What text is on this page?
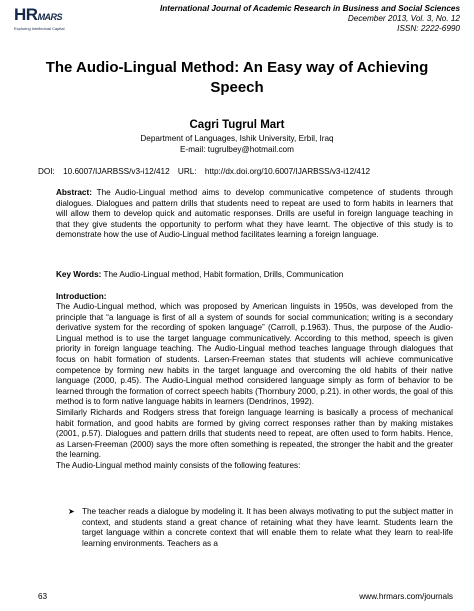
HRMARS
Exploring Intellectual Capital
International Journal of Academic Research in Business and Social Sciences
December 2013, Vol. 3, No. 12
ISSN: 2222-6990
The Audio-Lingual Method: An Easy way of Achieving Speech
Cagri Tugrul Mart
Department of Languages, Ishik University, Erbil, Iraq
E-mail: tugrulbey@hotmail.com
DOI: 10.6007/IJARBSS/v3-i12/412 URL: http://dx.doi.org/10.6007/IJARBSS/v3-i12/412
Abstract: The Audio-Lingual method aims to develop communicative competence of students through dialogues. Dialogues and pattern drills that students need to repeat are used to form habits in learners that will allow them to develop quick and automatic responses. Drills are useful in foreign language teaching in that they give students the opportunity to perform what they have learnt. The objective of this study is to demonstrate how the use of Audio-Lingual method facilitates learning a foreign language.
Key Words: The Audio-Lingual method, Habit formation, Drills, Communication
Introduction:
The Audio-Lingual method, which was proposed by American linguists in 1950s, was developed from the principle that “a language is first of all a system of sounds for social communication; writing is a secondary derivative system for the recording of spoken language” (Carroll, p.1963). Thus, the purpose of the Audio-Lingual method is to use the target language communicatively. According to this method, speech is given priority in foreign language teaching. The Audio-Lingual method teaches language through dialogues that focus on habit formation of students. Larsen-Freeman states that students will achieve communicative competence by forming new habits in the target language and overcoming the old habits of their native language (2000, p.45). The Audio-Lingual method considered language simply as form of behavior to be learned through the formation of correct speech habits (Thornbury 2000, p.21). in other words, the goal of this method is to form native language habits in learners (Dendrinos, 1992).
Similarly Richards and Rodgers stress that foreign language learning is basically a process of mechanical habit formation, and good habits are formed by giving correct responses rather than by making mistakes (2001, p.57). Dialogues and pattern drills that students need to repeat, are often used to form habits. Hence, as Larsen-Freeman (2000) says the more often something is repeated, the stronger the habit and the greater the learning.
The Audio-Lingual method mainly consists of the following features:
➤ The teacher reads a dialogue by modeling it. It has been always motivating to put the subject matter in context, and students stand a great chance of retaining what they have learnt. Students learn the target language within a concrete context that will enable them to relate what they learn to real-life learning environments. Teachers as a
63	www.hrmars.com/journals
